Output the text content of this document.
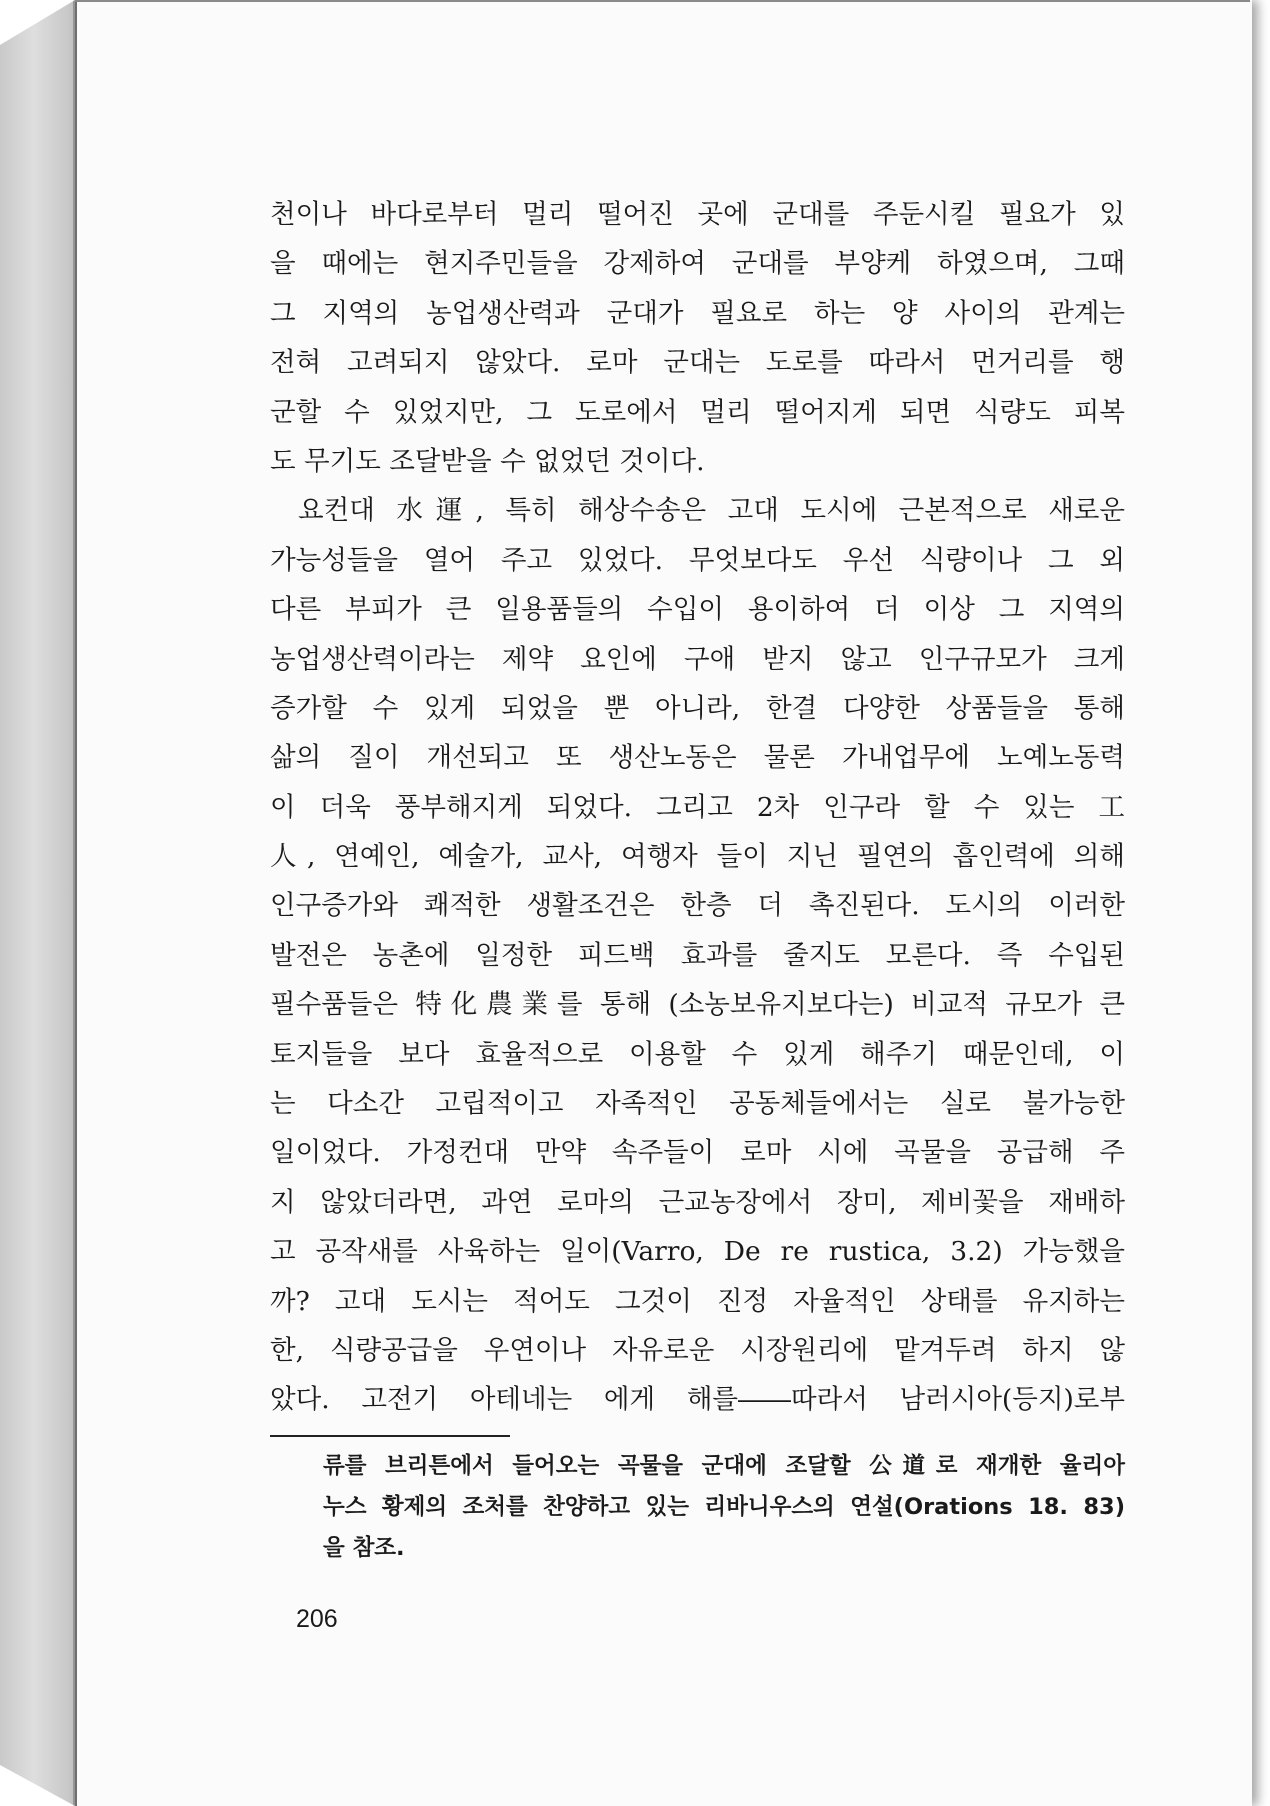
천이나 바다로부터 멀리 떨어진 곳에 군대를 주둔시킬 필요가 있
을 때에는 현지주민들을 강제하여 군대를 부양케 하였으며, 그때
그 지역의 농업생산력과 군대가 필요로 하는 양 사이의 관계는
전혀 고려되지 않았다. 로마 군대는 도로를 따라서 먼거리를 행
군할 수 있었지만, 그 도로에서 멀리 떨어지게 되면 식량도 피복
도 무기도 조달받을 수 없었던 것이다.
요컨대 水運, 특히 해상수송은 고대 도시에 근본적으로 새로운
가능성들을 열어 주고 있었다. 무엇보다도 우선 식량이나 그 외
다른 부피가 큰 일용품들의 수입이 용이하여 더 이상 그 지역의
농업생산력이라는 제약 요인에 구애 받지 않고 인구규모가 크게
증가할 수 있게 되었을 뿐 아니라, 한결 다양한 상품들을 통해
삶의 질이 개선되고 또 생산노동은 물론 가내업무에 노예노동력
이 더욱 풍부해지게 되었다. 그리고 2차 인구라 할 수 있는 工
人, 연예인, 예술가, 교사, 여행자 들이 지닌 필연의 흡인력에 의해
인구증가와 쾌적한 생활조건은 한층 더 촉진된다. 도시의 이러한
발전은 농촌에 일정한 피드백 효과를 줄지도 모른다. 즉 수입된
필수품들은 特化農業를 통해 (소농보유지보다는) 비교적 규모가 큰
토지들을 보다 효율적으로 이용할 수 있게 해주기 때문인데, 이
는 다소간 고립적이고 자족적인 공동체들에서는 실로 불가능한
일이었다. 가정컨대 만약 속주들이 로마 시에 곡물을 공급해 주
지 않았더라면, 과연 로마의 근교농장에서 장미, 제비꽃을 재배하
고 공작새를 사육하는 일이(Varro, De re rustica, 3.2) 가능했을
까? 고대 도시는 적어도 그것이 진정 자율적인 상태를 유지하는
한, 식량공급을 우연이나 자유로운 시장원리에 맡겨두려 하지 않
았다. 고전기 아테네는 에게 해를――따라서 남러시아(등지)로부
류를 브리튼에서 들어오는 곡물을 군대에 조달할 公道로 재개한 율리아
누스 황제의 조처를 찬양하고 있는 리바니우스의 연설(Orations 18. 83)
을 참조.
206
